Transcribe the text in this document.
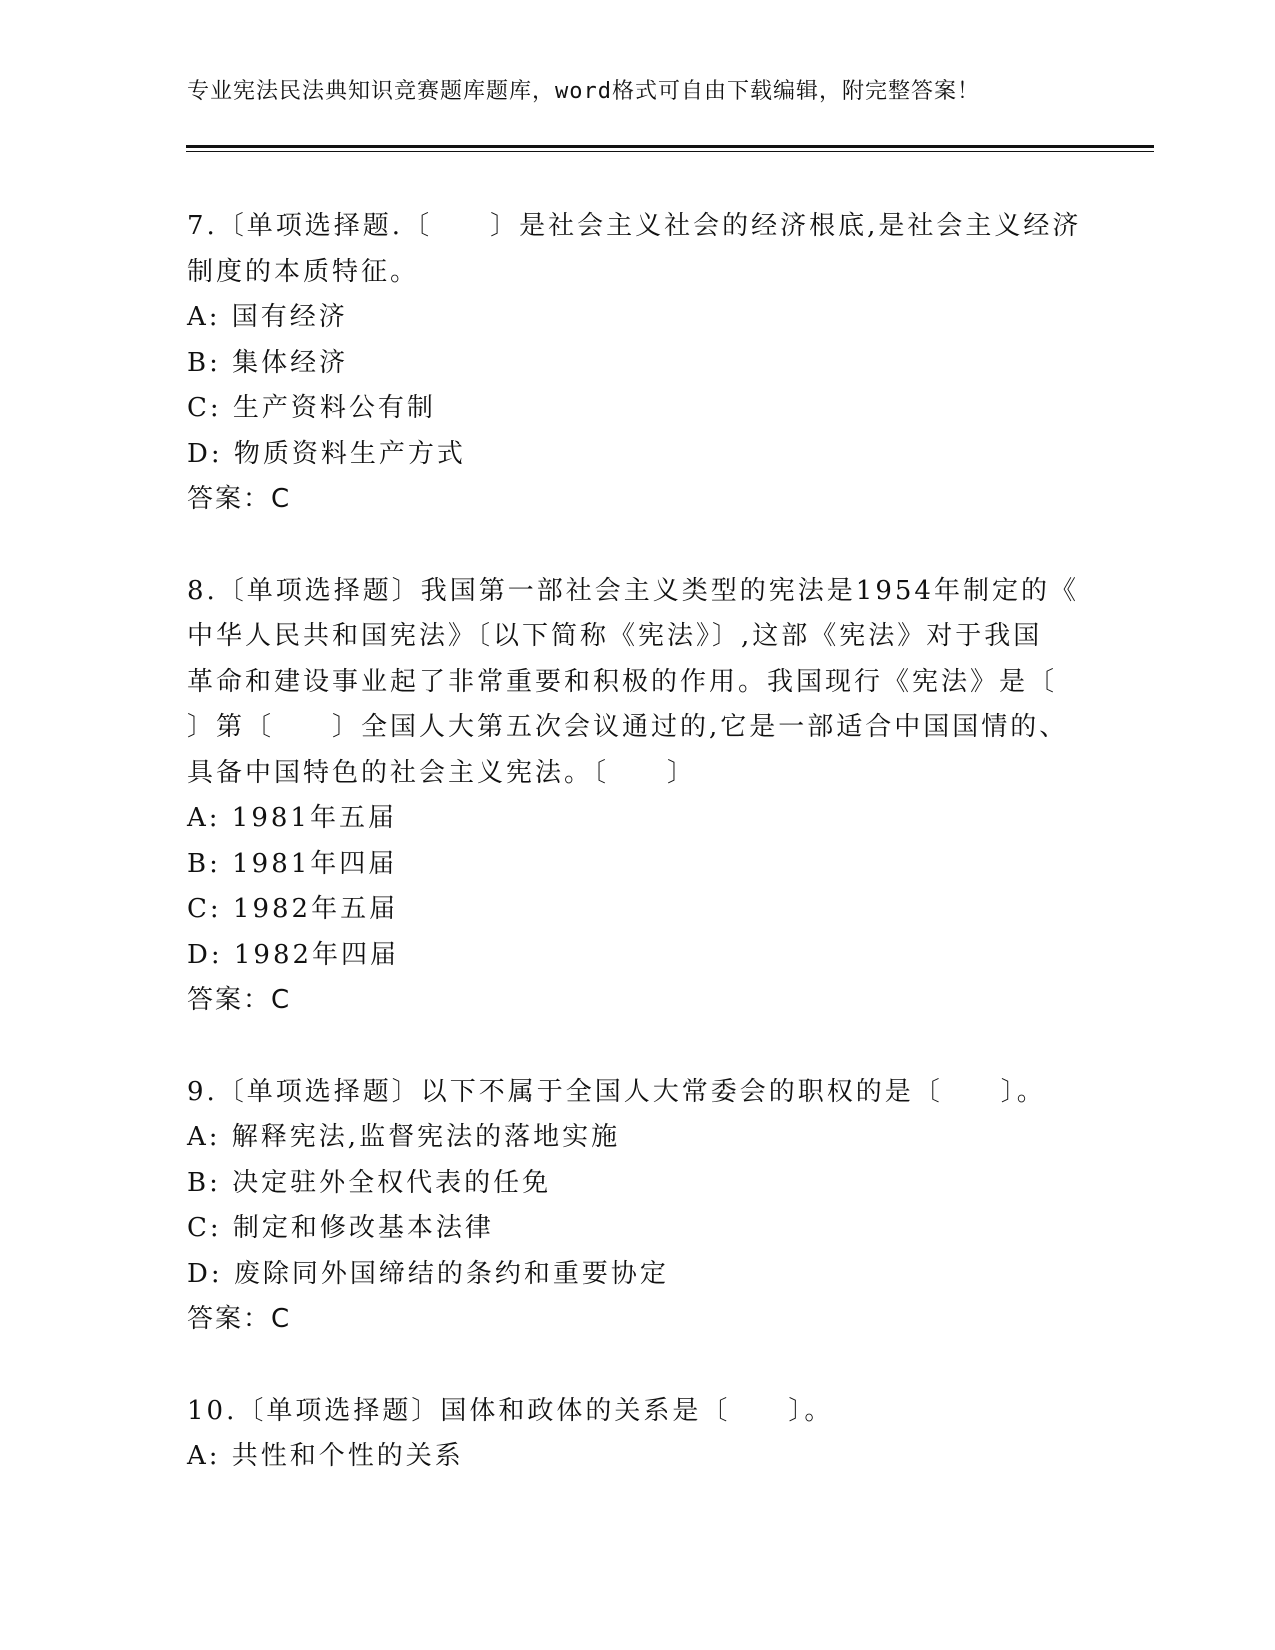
专业宪法民法典知识竞赛题库题库，word格式可自由下载编辑，附完整答案！
7.〔单项选择题.〔　　〕是社会主义社会的经济根底,是社会主义经济
制度的本质特征。
A: 国有经济
B: 集体经济
C: 生产资料公有制
D: 物质资料生产方式
答案：C
8.〔单项选择题〕我国第一部社会主义类型的宪法是1954年制定的《
中华人民共和国宪法》〔以下简称《宪法》〕,这部《宪法》对于我国
革命和建设事业起了非常重要和积极的作用。我国现行《宪法》是〔
〕第〔　　〕全国人大第五次会议通过的,它是一部适合中国国情的、
具备中国特色的社会主义宪法。〔　　〕
A: 1981年五届
B: 1981年四届
C: 1982年五届
D: 1982年四届
答案：C
9.〔单项选择题〕以下不属于全国人大常委会的职权的是〔　　〕。
A: 解释宪法,监督宪法的落地实施
B: 决定驻外全权代表的任免
C: 制定和修改基本法律
D: 废除同外国缔结的条约和重要协定
答案：C
10.〔单项选择题〕国体和政体的关系是〔　　〕。
A: 共性和个性的关系
